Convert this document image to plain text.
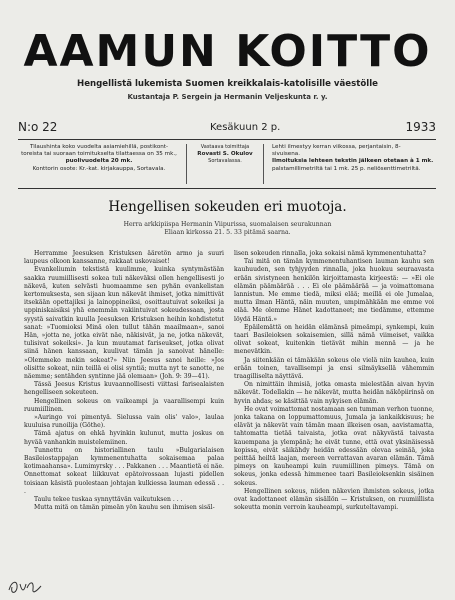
AAMUN KOITTO
Hengellistä lukemista Suomen kreikkalais-katolisille väestölle
Kustantaja P. Sergein ja Hermanin Veljeskunta r. y.
N:o 22	Kesäkuun 2 p.	1933
Tilaushinta koko vuodelta asiamiehillä, postikont-
toreista tai suoraan toimitukselta tilattaessa on 35 mk.,
puolivuodelta 20 mk.
Konttorin osote: Kr.-kat. kirjakauppa, Sortavala.
Vastaava toimittaja
Rovasti S. Okulov
Sortavalassa.
Lehti ilmestyy kerran viikossa, perjantaisin, 8-
sivuisena.
Ilmoituksia lehteen tekstin jälkeen otetaan à 1 mk.
palstamillimetriltä tai 1 mk. 25 p. neliösenttimetriltä.
Hengellisen sokeuden eri muotoja.
Herra arkkipiispa Hermanin Viipurissa, suomalaisen seurakunnan
Eliaan kirkossa 21. 5. 33 pitämä saarna.

Herramme Jeesuksen Kristuksen ääretön armo ja suuri laupeus olkoon kanssanne, rakkaat uskovaiset!

Evankeliumin tekstistä kuulimme, kuinka syntymästään saakka ruumiillisesti sokea tuli näkeväksi ollen hengellisesti jo näkevä, kuten selvästi huomaamme sen pyhän evankelistan kertomuksesta, sen sijaan kun näkevät ihmiset, jotka nimittivät itsekään opettajiksi ja lainoppineiksi, osoittautuivat sokeiksi ja uppiniskaisiksi yhä enemmän vakiintuivat sokeudessaan, josta syystä saivatkin kuulla Jeesuksen Kristuksen heihin kohdistetut sanat: »Tuomioksi Minä olen tullut tähän maailmaan», sanoi Hän, »jotta ne, jotka eivät näe, näkisivät, ja ne, jotka näkevät, tulisivat sokeiksi». Ja kun muutamat fariseukset, jotka olivat siinä hänen kanssaan, kuulivat tämän ja sanoivat hänelle: »Olemmeko mekin sokeat?» Niin Jeesus sanoi heille: »Jos olisitte sokeat, niin teillä ei olisi syntiä; mutta nyt te sanotte, ne näemme; sentähden syntinne jää olemaan» (Joh. 9: 39—41).

Tässä Jeesus Kristus kuvaannollisesti viittasi farisealaisten hengelliseen sokeuteen.

Hengellinen sokeus on vaikeampi ja vaarallisempi kuin ruumiillinen.

»Auringo voi pimentyä. Sielussa vain olis' valo», laulaa kuuluisa runoilija (Göthe).

Tämä ajatus on ehkä hyvinkin kulunut, mutta joskus on hyvää vanhankin muistelemiinen.

Tunnettu on historiallinen taulu »Bulgarialaisen Basileiostappajan kymmenentuhatta sokaisemaa palaa kotimaahansa». Lumimyrsky . . . Pakkanen . . . Maantietä ei näe. Onnettomat sokeat liikkuvat epätoivossaan lujasti pidellen toisiaan käsistä puolestaan johtajan kulkiessa lauman edessä . . .

Taulu tekee tuskaa synnyttävän vaikutuksen . . .

Mutta mitä on tämän pimeän yön kauhu sen ihmisen sisäl-

lisen sokeuden rinnalla, joka sokaisi nämä kymmenentuhatta?

Tai mitä on tämän kymmenentuhantisen lauman kauhu sen kauhuuden, sen tyhjyyden rinnalla, joka huokuu seuraavasta erään sivistyneen henkilön kirjoittamasta kirjeestä: — »Ei ole elämän päämäärää . . . Ei ole päämäärää — ja voimattomana lannistun. Me emme tiedä, miksi elää; meillä ei ole Jumalaa, mutta ilman Häntä, näin muuten, umpimähkään me emme voi elää. Me olemme Hänet kadottaneet; me tiedämme, ettemme löydä Häntä.»

Epäilemättä on heidän elämänsä pimeämpi, synkempi, kuin taari Basileioksen sokaisemien, sillä nämä viimeiset, vaikka olivat sokeat, kuitenkin tietävät mihin mennä — ja he menevätkin.

Ja siitenkään ei tämäkään sokeus ole vielä niin kauhea, kuin erään toinen, tavallisempi ja ensi silmäyksellä vähemmin traagilliselta näyttävä.

On nimittäin ihmisiä, jotka omasta mielestään aivan hyvin näkevät. Todellakin — he näkevät, mutta heidän näköpiirinsä on hyvin ahdas; se käsittää vain nykyisen elämän.

He ovat voimattomat nostamaan sen tumman verhon tuonne, jonka takana on loppumattomuus, Jumala ja iankaikkisuus; he elävät ja näkevät vain tämän maan ilkeisen osan, aavistamatta, tahtomatta tietää taivaista, jotka ovat näkyvästä taivasta kauempana ja ylempänä; he eivät tunne, että ovat yksinäisessä kopissa, eivät säikähdy heidän edessään olevaa seinää, joka peittää heiltä laajan, mereen verrattavan avaran elämän. Tämä pimeys on kauheampi kuin ruumiillinen pimeys. Tämä on sokeus, jonka edessä himmenee taari Basileioksenkin sisäinen sokeus.

Hengellinen sokeus, niiden näkevien ihmisten sokeus, jotka ovat kadottaneet elämän sisällön — Kristuksen, on ruumiillista sokeutta monin verroin kauheampi, surkuteltavampi.
